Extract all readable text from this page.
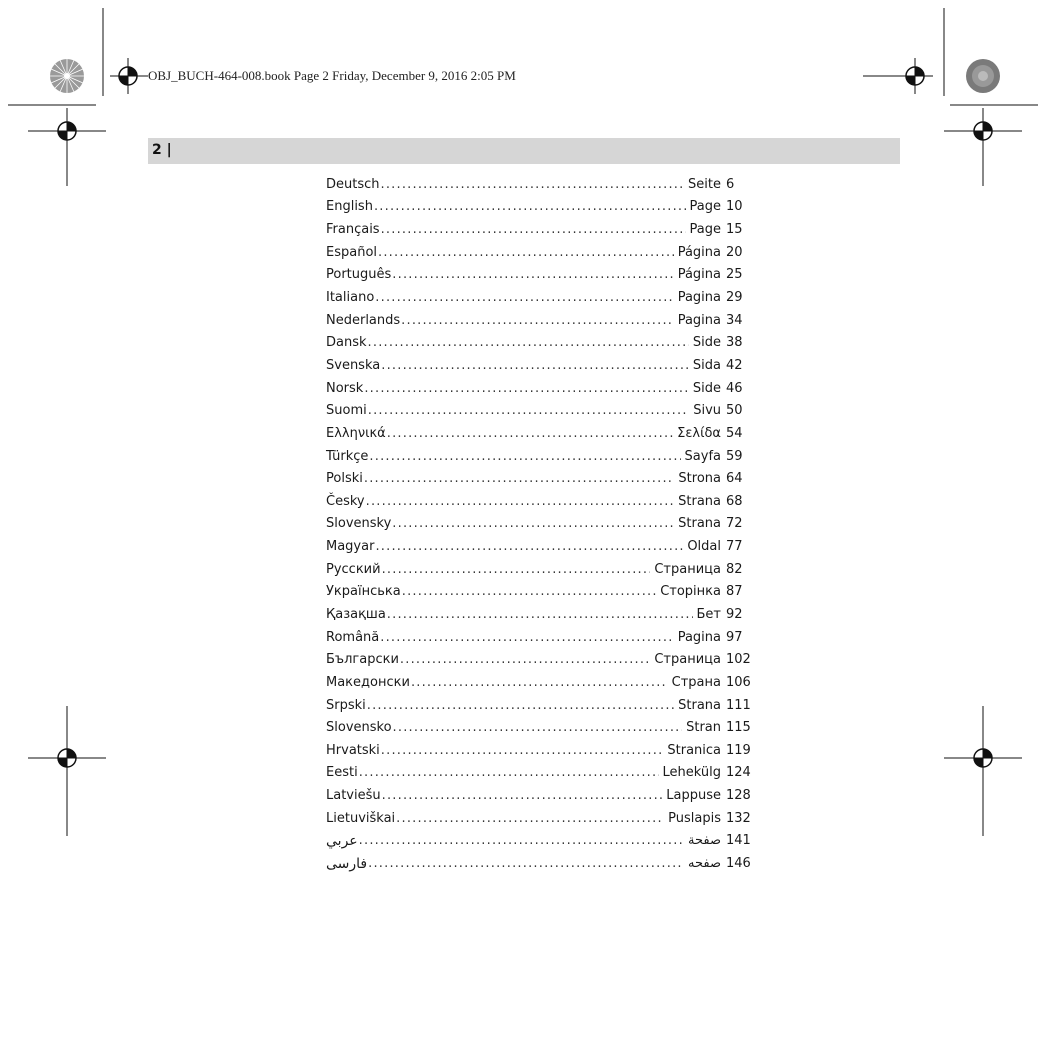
OBJ_BUCH-464-008.book Page 2 Friday, December 9, 2016 2:05 PM
2 |
Deutsch .....	Seite 6
English .....	Page 10
Français .....	Page 15
Español .....	Página 20
Português .....	Página 25
Italiano .....	Pagina 29
Nederlands .....	Pagina 34
Dansk .....	Side 38
Svenska .....	Sida 42
Norsk .....	Side 46
Suomi .....	Sivu 50
Ελληνικά .....	Σελίδα 54
Türkçe .....	Sayfa 59
Polski .....	Strona 64
Česky .....	Strana 68
Slovensky .....	Strana 72
Magyar .....	Oldal 77
Русский .....	Страница 82
Українська .....	Сторінка 87
Қазақша .....	Бет 92
Română .....	Pagina 97
Български .....	Страница 102
Македонски .....	Страна 106
Srpski .....	Strana 111
Slovensko .....	Stran 115
Hrvatski .....	Stranica 119
Eesti .....	Lehekülg 124
Latviešu .....	Lappuse 128
Lietuviškai .....	Puslapis 132
عربي .....	صفحة 141
فارسی .....	صفحه 146
